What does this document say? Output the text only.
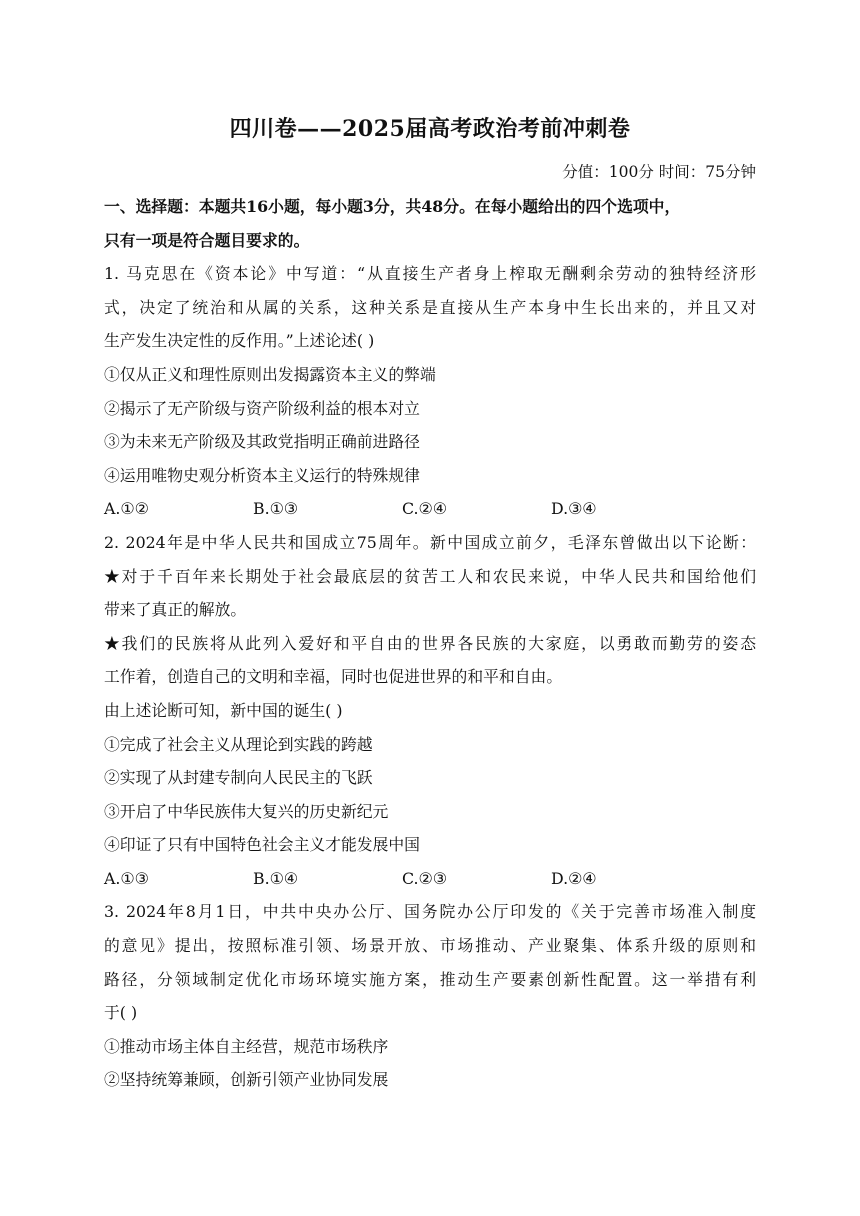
四川卷——2025届高考政治考前冲刺卷
分值：100分 时间：75分钟
一、选择题：本题共16小题，每小题3分，共48分。在每小题给出的四个选项中，
只有一项是符合题目要求的。
1. 马克思在《资本论》中写道：“从直接生产者身上榨取无酬剩余劳动的独特经济形
式，决定了统治和从属的关系，这种关系是直接从生产本身中生长出来的，并且又对
生产发生决定性的反作用。”上述论述( )
①仅从正义和理性原则出发揭露资本主义的弊端
②揭示了无产阶级与资产阶级利益的根本对立
③为未来无产阶级及其政党指明正确前进路径
④运用唯物史观分析资本主义运行的特殊规律
A.①②	B.①③	C.②④	D.③④
2. 2024年是中华人民共和国成立75周年。新中国成立前夕，毛泽东曾做出以下论断：
★对于千百年来长期处于社会最底层的贫苦工人和农民来说，中华人民共和国给他们
带来了真正的解放。
★我们的民族将从此列入爱好和平自由的世界各民族的大家庭，以勇敢而勤劳的姿态
工作着，创造自己的文明和幸福，同时也促进世界的和平和自由。
由上述论断可知，新中国的诞生( )
①完成了社会主义从理论到实践的跨越
②实现了从封建专制向人民民主的飞跃
③开启了中华民族伟大复兴的历史新纪元
④印证了只有中国特色社会主义才能发展中国
A.①③	B.①④	C.②③	D.②④
3. 2024年8月1日，中共中央办公厅、国务院办公厅印发的《关于完善市场准入制度
的意见》提出，按照标准引领、场景开放、市场推动、产业聚集、体系升级的原则和
路径，分领域制定优化市场环境实施方案，推动生产要素创新性配置。这一举措有利
于( )
①推动市场主体自主经营，规范市场秩序
②坚持统筹兼顾，创新引领产业协同发展
